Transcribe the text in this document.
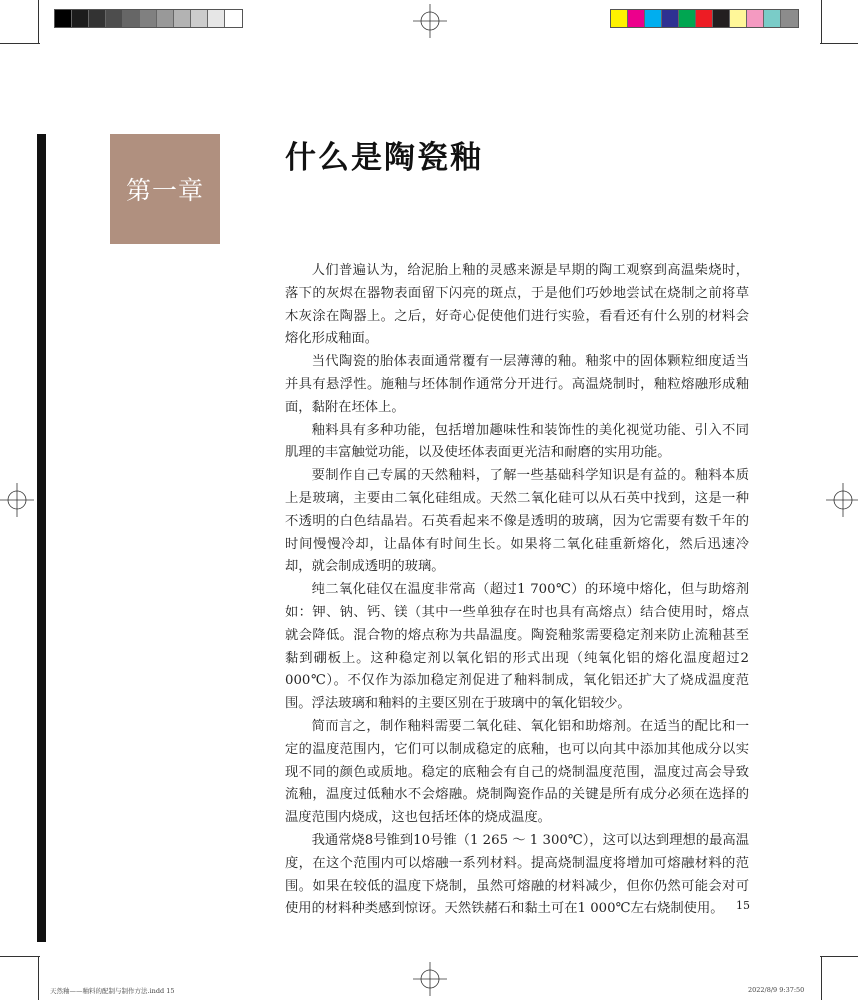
第一章
什么是陶瓷釉

人们普遍认为，给泥胎上釉的灵感来源是早期的陶工观察到高温柴烧时，落下的灰烬在器物表面留下闪亮的斑点，于是他们巧妙地尝试在烧制之前将草木灰涂在陶器上。之后，好奇心促使他们进行实验，看看还有什么别的材料会熔化形成釉面。

当代陶瓷的胎体表面通常覆有一层薄薄的釉。釉浆中的固体颗粒细度适当并具有悬浮性。施釉与坯体制作通常分开进行。高温烧制时，釉粒熔融形成釉面，黏附在坯体上。

釉料具有多种功能，包括增加趣味性和装饰性的美化视觉功能、引入不同肌理的丰富触觉功能，以及使坯体表面更光洁和耐磨的实用功能。

要制作自己专属的天然釉料，了解一些基础科学知识是有益的。釉料本质上是玻璃，主要由二氧化硅组成。天然二氧化硅可以从石英中找到，这是一种不透明的白色结晶岩。石英看起来不像是透明的玻璃，因为它需要有数千年的时间慢慢冷却，让晶体有时间生长。如果将二氧化硅重新熔化，然后迅速冷却，就会制成透明的玻璃。

纯二氧化硅仅在温度非常高（超过1 700℃）的环境中熔化，但与助熔剂如：钾、钠、钙、镁（其中一些单独存在时也具有高熔点）结合使用时，熔点就会降低。混合物的熔点称为共晶温度。陶瓷釉浆需要稳定剂来防止流釉甚至黏到硼板上。这种稳定剂以氧化铝的形式出现（纯氧化铝的熔化温度超过2 000℃）。不仅作为添加稳定剂促进了釉料制成，氧化铝还扩大了烧成温度范围。浮法玻璃和釉料的主要区别在于玻璃中的氧化铝较少。

简而言之，制作釉料需要二氧化硅、氧化铝和助熔剂。在适当的配比和一定的温度范围内，它们可以制成稳定的底釉，也可以向其中添加其他成分以实现不同的颜色或质地。稳定的底釉会有自己的烧制温度范围，温度过高会导致流釉，温度过低釉水不会熔融。烧制陶瓷作品的关键是所有成分必须在选择的温度范围内烧成，这也包括坯体的烧成温度。

我通常烧8号锥到10号锥（1 265 ～ 1 300℃），这可以达到理想的最高温度，在这个范围内可以熔融一系列材料。提高烧制温度将增加可熔融材料的范围。如果在较低的温度下烧制，虽然可熔融的材料减少，但你仍然可能会对可使用的材料种类感到惊讶。天然铁赭石和黏土可在1 000℃左右烧制使用。	15
天然釉——釉料的配制与制作方法.indd 15	2022/8/9 9:37:50
